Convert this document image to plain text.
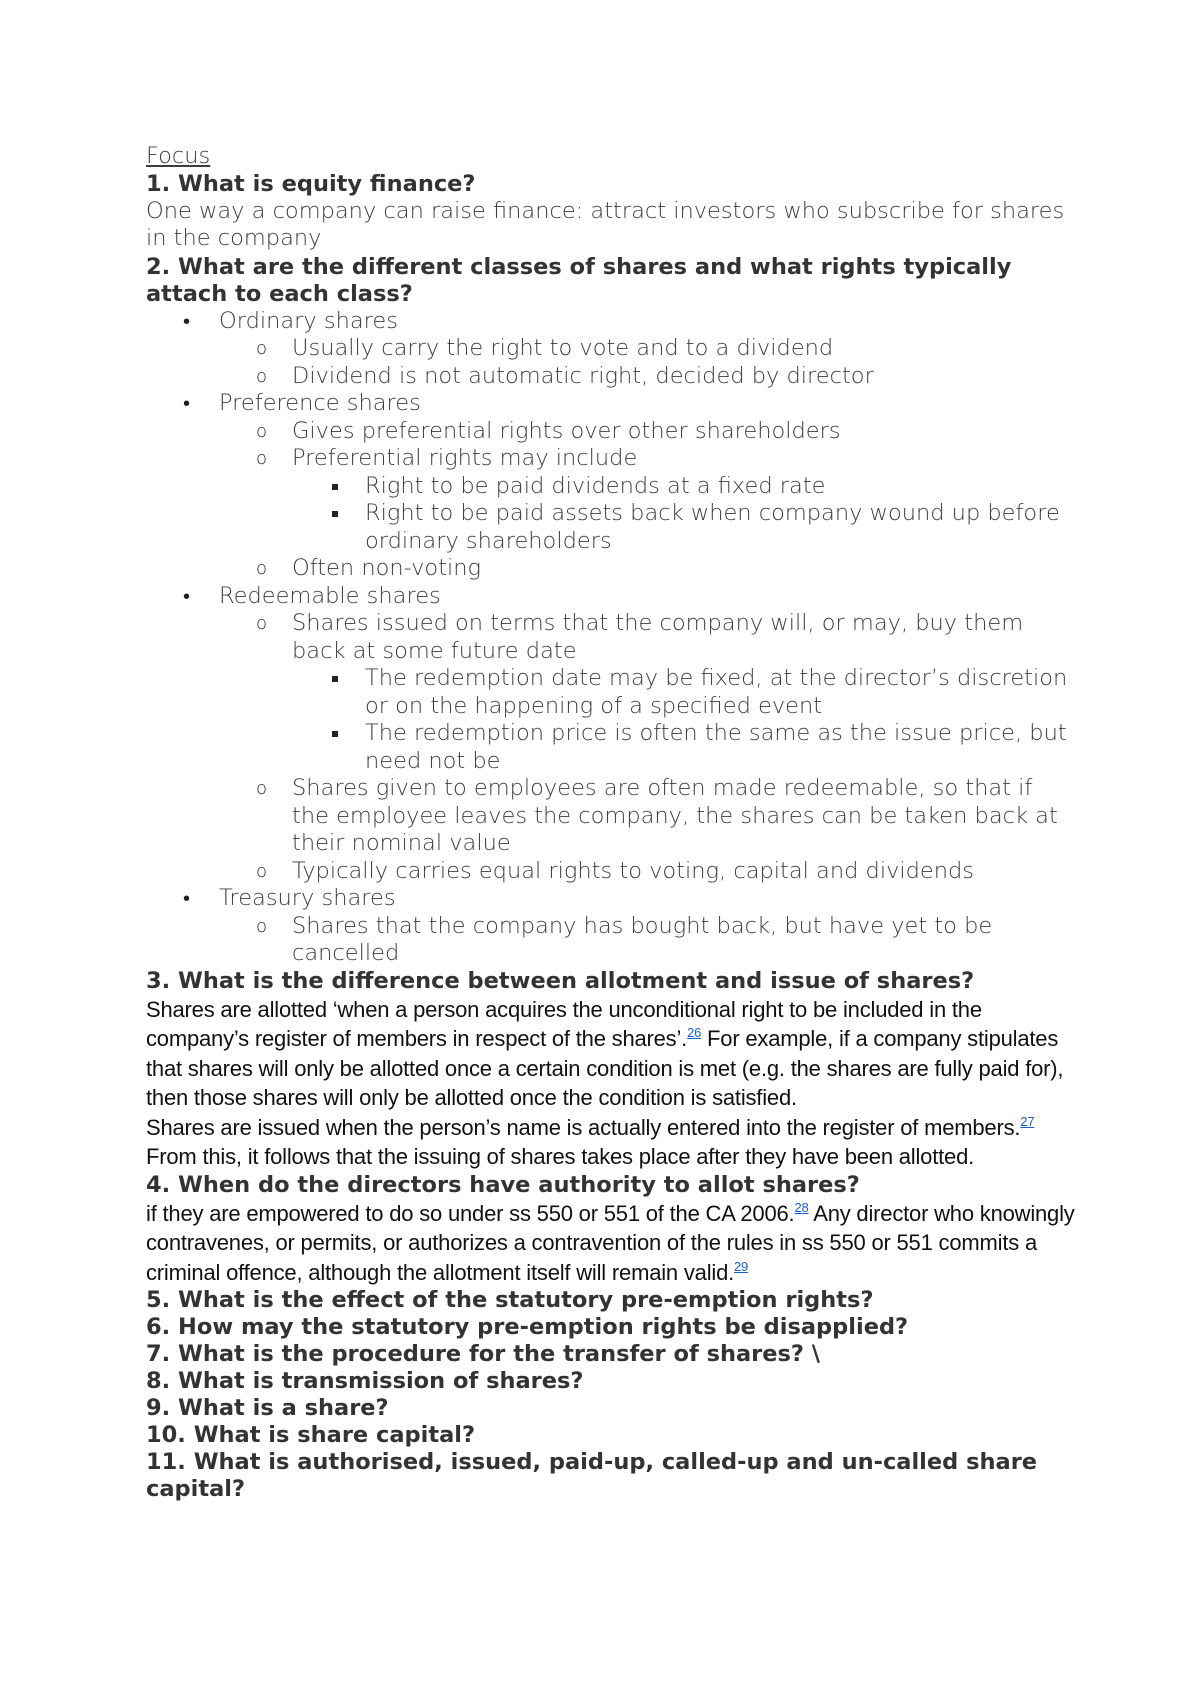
Focus
1. What is equity finance?
One way a company can raise finance: attract investors who subscribe for shares in the company
2. What are the different classes of shares and what rights typically attach to each class?
• Ordinary shares
o Usually carry the right to vote and to a dividend
o Dividend is not automatic right, decided by director
• Preference shares
o Gives preferential rights over other shareholders
o Preferential rights may include
Right to be paid dividends at a fixed rate
Right to be paid assets back when company wound up before ordinary shareholders
o Often non-voting
• Redeemable shares
o Shares issued on terms that the company will, or may, buy them back at some future date
The redemption date may be fixed, at the director’s discretion or on the happening of a specified event
The redemption price is often the same as the issue price, but need not be
o Shares given to employees are often made redeemable, so that if the employee leaves the company, the shares can be taken back at their nominal value
o Typically carries equal rights to voting, capital and dividends
• Treasury shares
o Shares that the company has bought back, but have yet to be cancelled
3. What is the difference between allotment and issue of shares?
Shares are allotted ‘when a person acquires the unconditional right to be included in the company’s register of members in respect of the shares’.$^{26}$ For example, if a company stipulates that shares will only be allotted once a certain condition is met (e.g. the shares are fully paid for), then those shares will only be allotted once the condition is satisfied.
Shares are issued when the person’s name is actually entered into the register of members.$^{27}$ From this, it follows that the issuing of shares takes place after they have been allotted.
4. When do the directors have authority to allot shares?
if they are empowered to do so under ss 550 or 551 of the CA 2006.28 Any director who knowingly contravenes, or permits, or authorizes a contravention of the rules in ss 550 or 551 commits a criminal offence, although the allotment itself will remain valid.$^{29}$
5. What is the effect of the statutory pre-emption rights?
6. How may the statutory pre-emption rights be disapplied?
7. What is the procedure for the transfer of shares? \
8. What is transmission of shares?
9. What is a share?
10. What is share capital?
11. What is authorised, issued, paid-up, called-up and un-called share capital?
